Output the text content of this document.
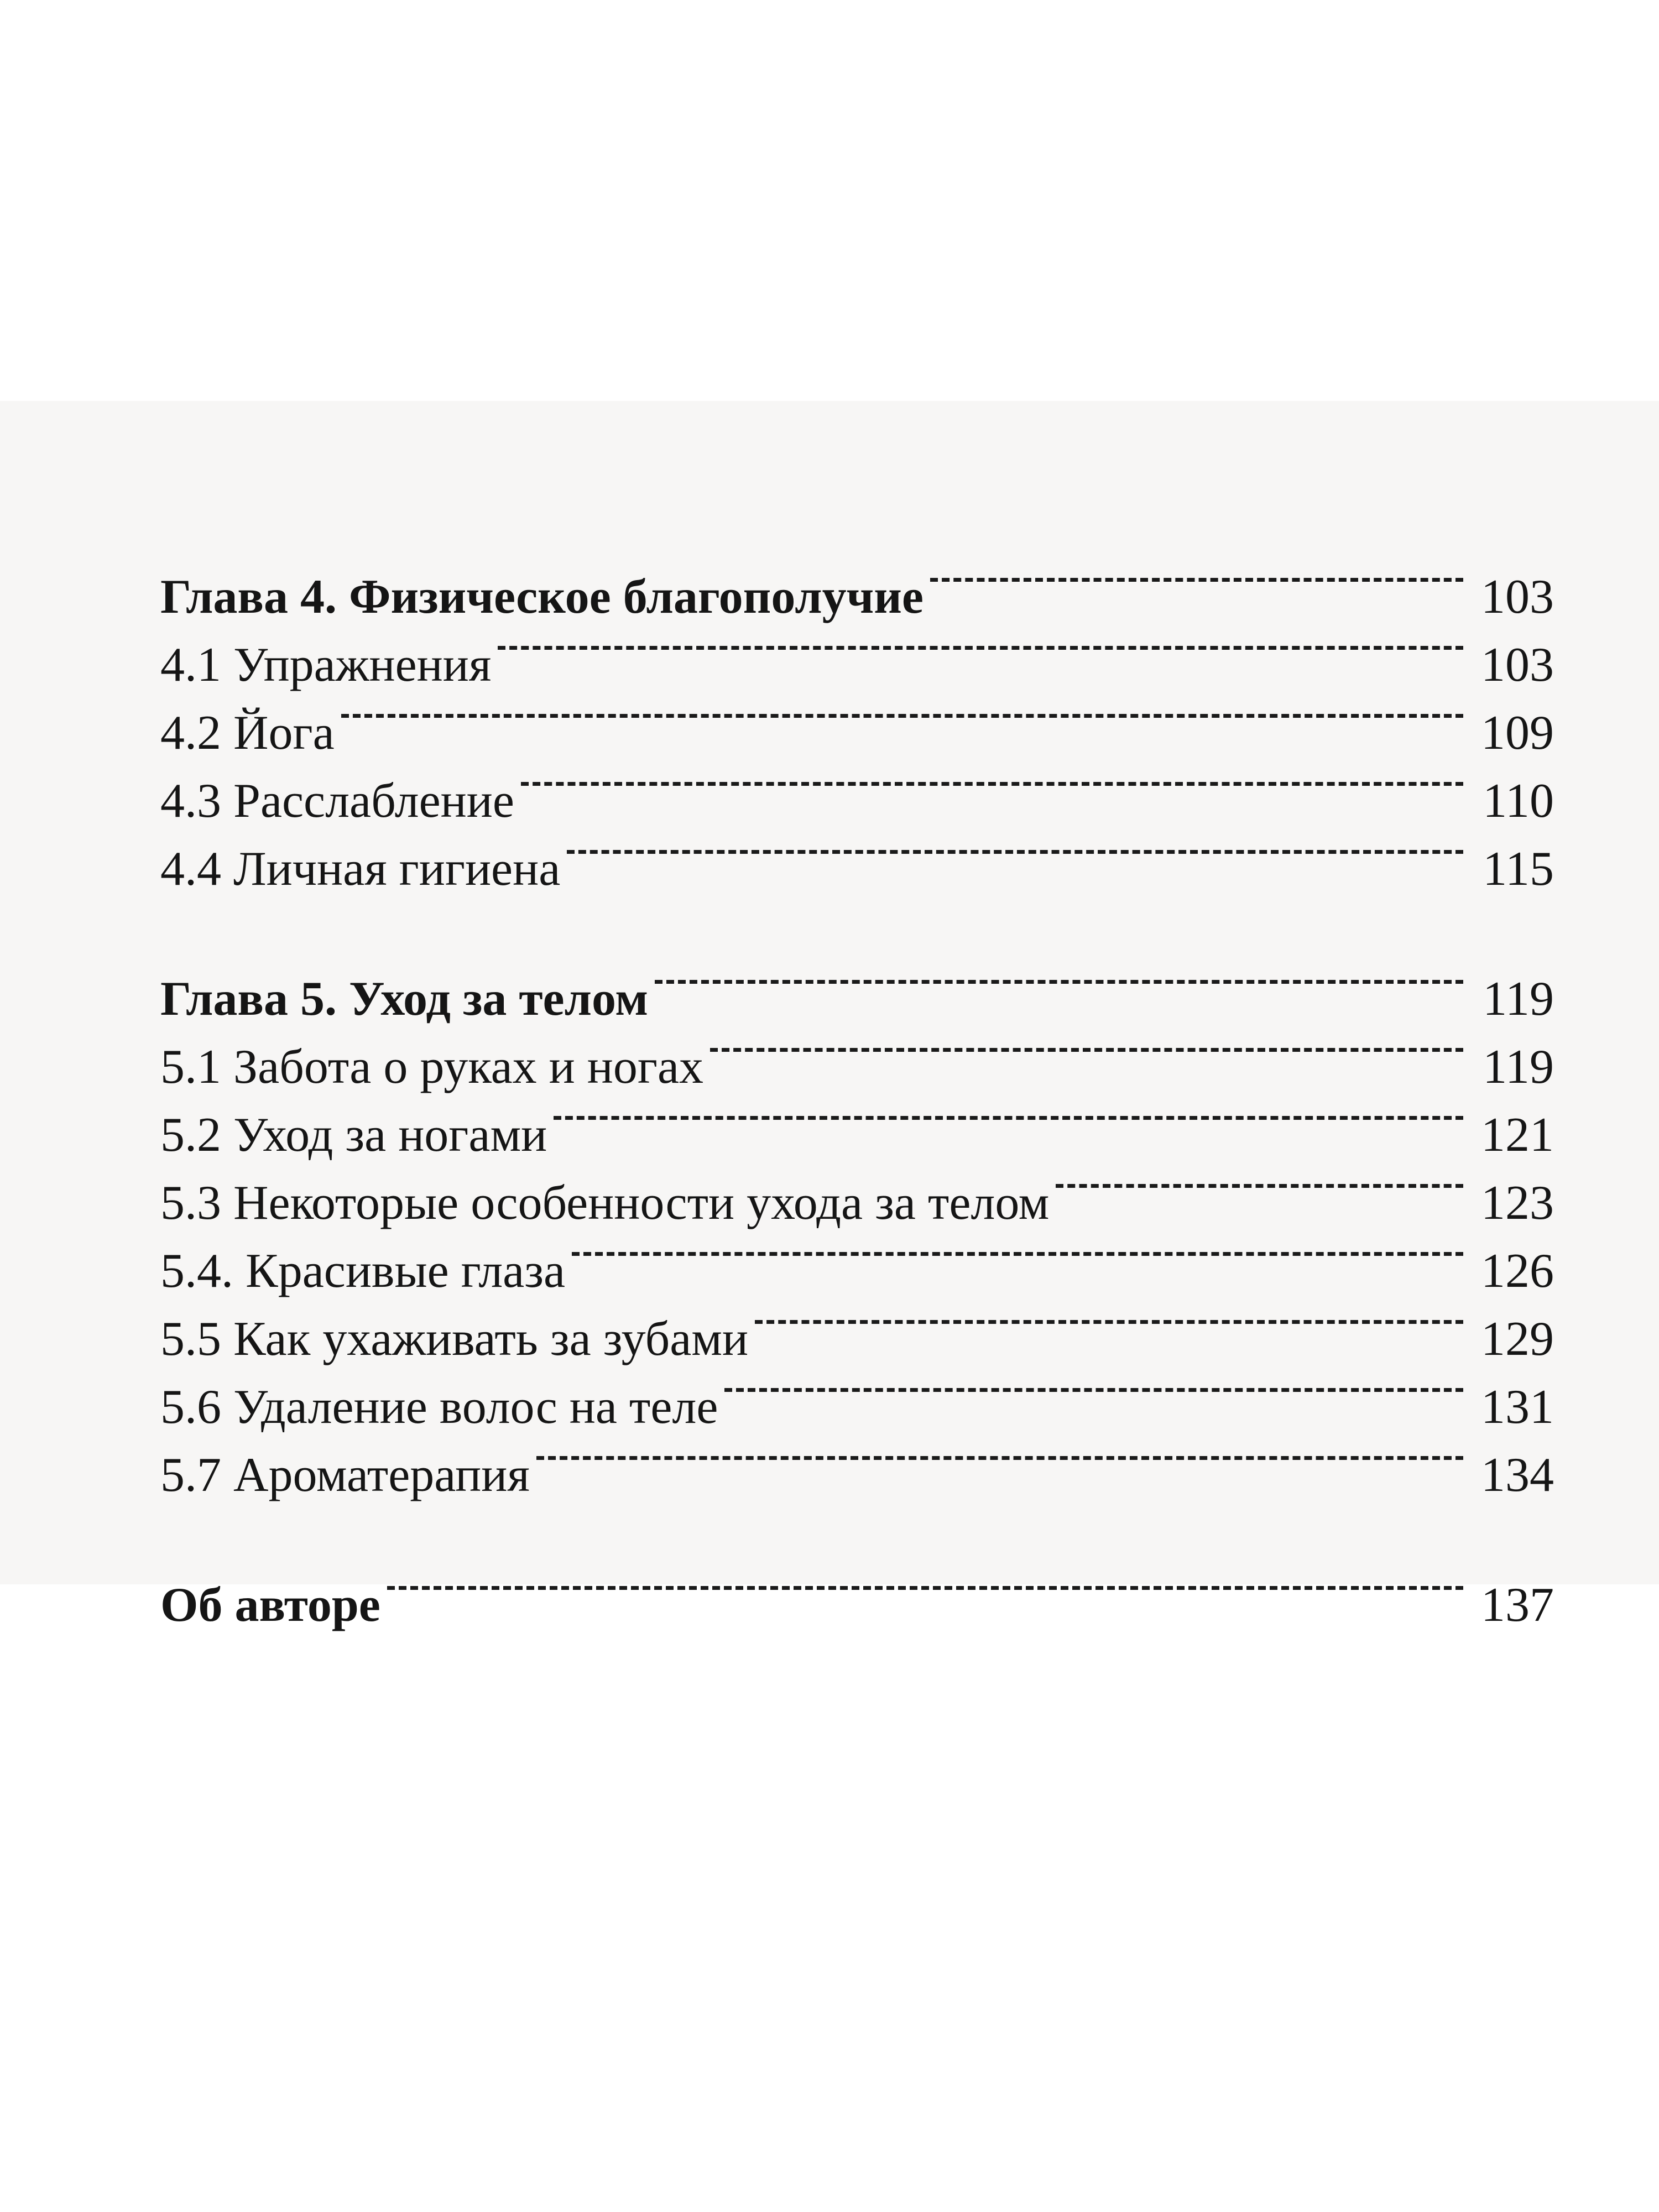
Глава 4. Физическое благополучие	103
4.1 Упражнения	103
4.2 Йога	109
4.3 Расслабление	110
4.4 Личная гигиена	115
Глава 5. Уход за телом	119
5.1 Забота о руках и ногах	119
5.2 Уход за ногами	121
5.3 Некоторые особенности ухода за телом	123
5.4. Красивые глаза	126
5.5 Как ухаживать за зубами	129
5.6 Удаление волос на теле	131
5.7 Ароматерапия	134
Об авторе	137
